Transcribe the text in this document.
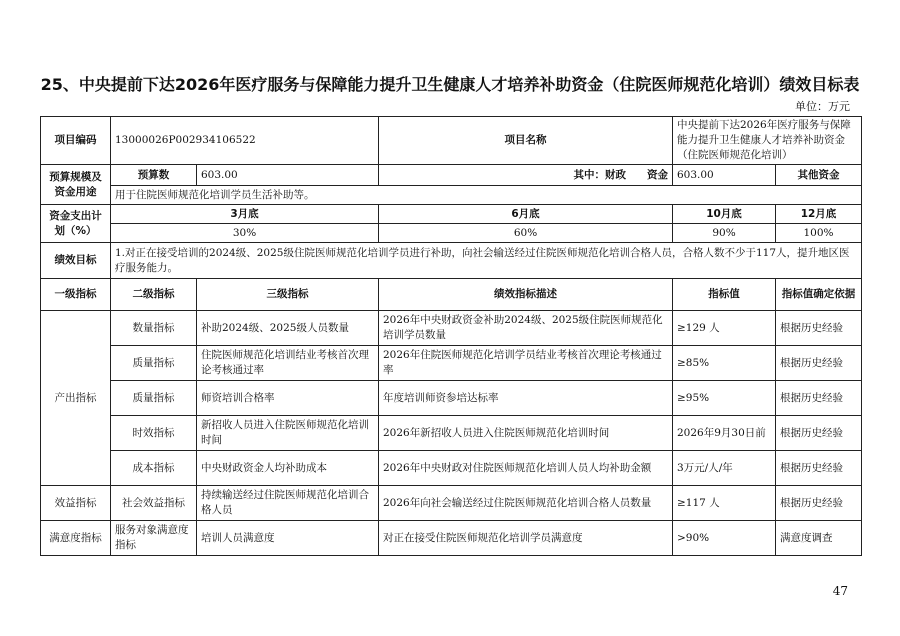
25、中央提前下达2026年医疗服务与保障能力提升卫生健康人才培养补助资金（住院医师规范化培训）绩效目标表
单位：万元
项目编码	13000026P002934106522		项目名称	中央提前下达2026年医疗服务与保障能力提升卫生健康人才培养补助资金（住院医师规范化培训）	
预算规模及资金用途	预算数	603.00	其中：财政　　资金	603.00	其他资金
	用于住院医师规范化培训学员生活补助等。				
资金支出计划（%）	3月底		6月底	10月底	12月底
	30%		60%	90%	100%
绩效目标	1.对正在接受培训的2024级、2025级住院医师规范化培训学员进行补助，向社会输送经过住院医师规范化培训合格人员，合格人数不少于117人，提升地区医疗服务能力。				
一级指标	二级指标	三级指标	绩效指标描述	指标值	指标值确定依据
产出指标	数量指标	补助2024级、2025级人员数量	2026年中央财政资金补助2024级、2025级住院医师规范化培训学员数量	≥129 人	根据历史经验
	质量指标	住院医师规范化培训结业考核首次理论考核通过率	2026年住院医师规范化培训学员结业考核首次理论考核通过率	≥85%	根据历史经验
	质量指标	师资培训合格率	年度培训师资参培达标率	≥95%	根据历史经验
	时效指标	新招收人员进入住院医师规范化培训时间	2026年新招收人员进入住院医师规范化培训时间	2026年9月30日前	根据历史经验
	成本指标	中央财政资金人均补助成本	2026年中央财政对住院医师规范化培训人员人均补助金额	3万元/人/年	根据历史经验
效益指标	社会效益指标	持续输送经过住院医师规范化培训合格人员	2026年向社会输送经过住院医师规范化培训合格人员数量	≥117 人	根据历史经验
满意度指标	服务对象满意度指标	培训人员满意度	对正在接受住院医师规范化培训学员满意度	>90%	满意度调查
47
